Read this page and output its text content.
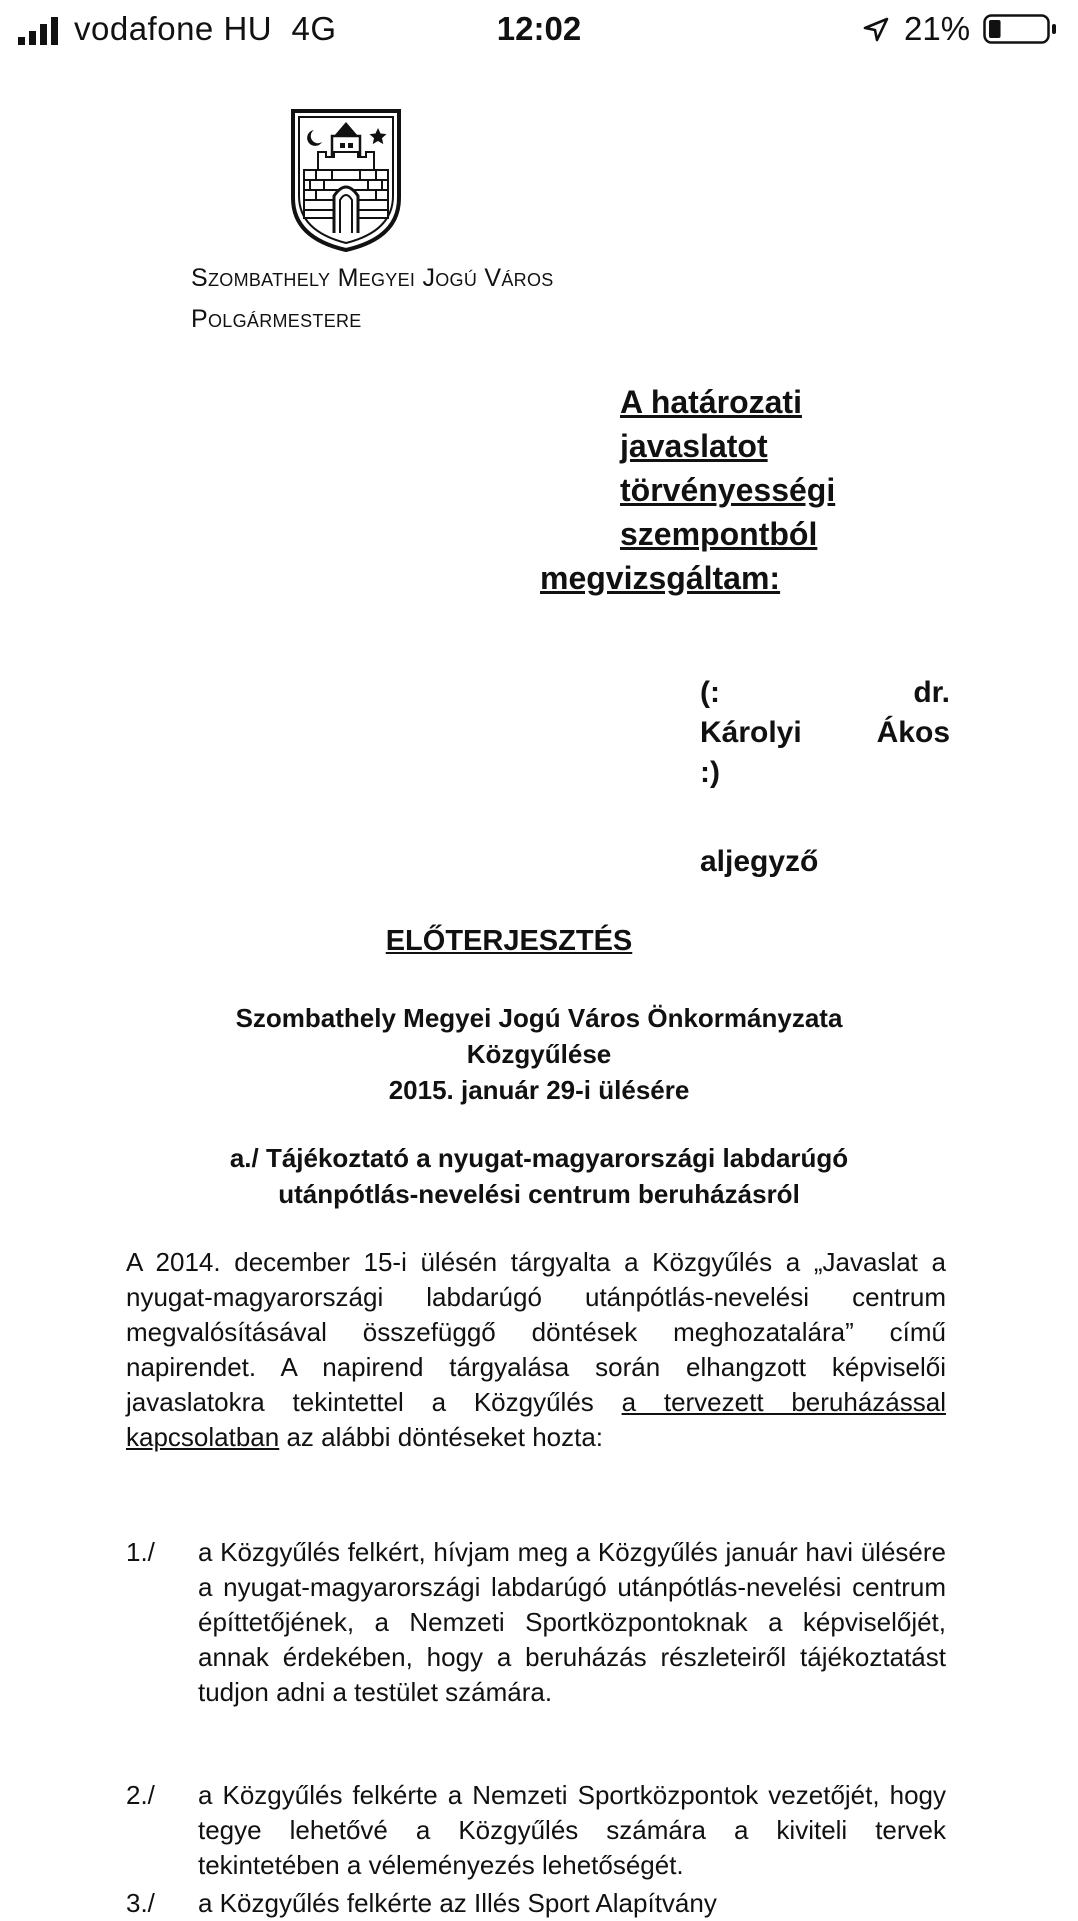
vodafone HU 4G	12:02	21%
Szombathely Megyei Jogú Város
Polgármestere
A határozati
javaslatot
törvényességi
szempontból
megvizsgáltam:
(:	dr.
Károlyi Ákos
:)
aljegyző
ELŐTERJESZTÉS
Szombathely Megyei Jogú Város Önkormányzata
Közgyűlése
2015. január 29-i ülésére
a./ Tájékoztató a nyugat-magyarországi labdarúgó
utánpótlás-nevelési centrum beruházásról
A 2014. december 15-i ülésén tárgyalta a Közgyűlés a „Javaslat a nyugat-magyarországi labdarúgó utánpótlás-nevelési centrum megvalósításával összefüggő döntések meghozatalára” című napirendet. A napirend tárgyalása során elhangzott képviselői javaslatokra tekintettel a Közgyűlés a tervezett beruházással kapcsolatban az alábbi döntéseket hozta:
1./ a Közgyűlés felkért, hívjam meg a Közgyűlés január havi ülésére a nyugat-magyarországi labdarúgó utánpótlás-nevelési centrum építtetőjének, a Nemzeti Sportközpontoknak a képviselőjét, annak érdekében, hogy a beruházás részleteiről tájékoztatást tudjon adni a testület számára.
2./ a Közgyűlés felkérte a Nemzeti Sportközpontok vezetőjét, hogy tegye lehetővé a Közgyűlés számára a kiviteli tervek tekintetében a véleményezés lehetőségét.
3./ a Közgyűlés felkérte az Illés Sport Alapítvány
